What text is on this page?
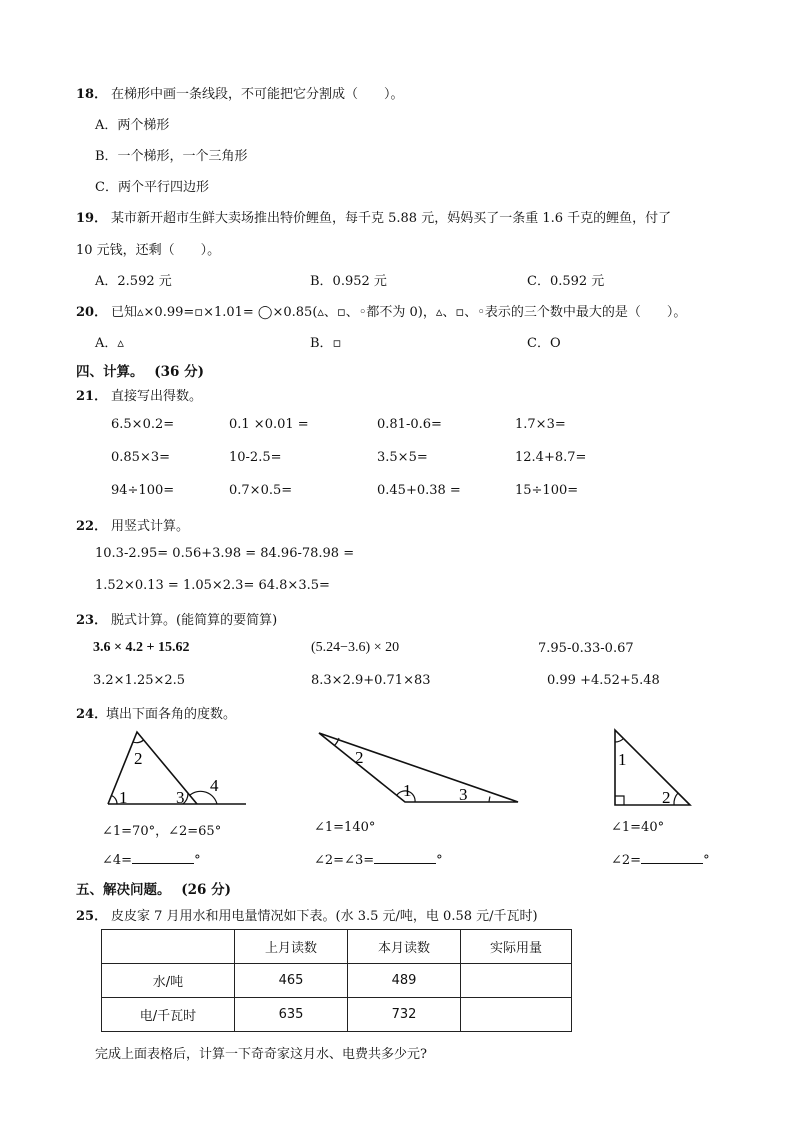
18． 在梯形中画一条线段，不可能把它分割成（　　）。
A．两个梯形
B．一个梯形，一个三角形
C．两个平行四边形
19． 某市新开超市生鲜大卖场推出特价鲤鱼，每千克 5.88 元，妈妈买了一条重 1.6 千克的鲤鱼，付了
10 元钱，还剩（　　）。
A．2.592 元	B．0.952 元	C．0.592 元
20． 已知▵×0.99=▫×1.01= ◯×0.85(▵、▫、◦都不为 0)，▵、▫、◦表示的三个数中最大的是（　　）。
A．▵	B．▫	C．O
四、计算。 (36 分)
21． 直接写出得数。
6.5×0.2=	0.1 ×0.01 =	0.81-0.6=	1.7×3=
0.85×3=	10-2.5=	3.5×5=	12.4+8.7=
94÷100=	0.7×0.5=	0.45+0.38 =	15÷100=
22． 用竖式计算。
10.3-2.95= 0.56+3.98 = 84.96-78.98 =
1.52×0.13 = 1.05×2.3= 64.8×3.5=
23． 脱式计算。(能简算的要简算)
3.6 × 4.2 + 15.62	(5.24−3.6) × 20	7.95-0.33-0.67
3.2×1.25×2.5	8.3×2.9+0.71×83	0.99 +4.52+5.48
24．
填出下面各角的度数。
1
2
3
4
2
1	3
1
2
∠1=70°，∠2=65°	∠1=140°	∠1=40°
∠4=	°	∠2=∠3=	°	∠2=	°
五、解决问题。 (26 分)
25． 皮皮家 7 月用水和用电量情况如下表。(水 3.5 元/吨，电 0.58 元/千瓦时)
	上月读数	本月读数	实际用量
水/吨	465	489	
电/千瓦时	635	732	
完成上面表格后，计算一下奇奇家这月水、电费共多少元?
